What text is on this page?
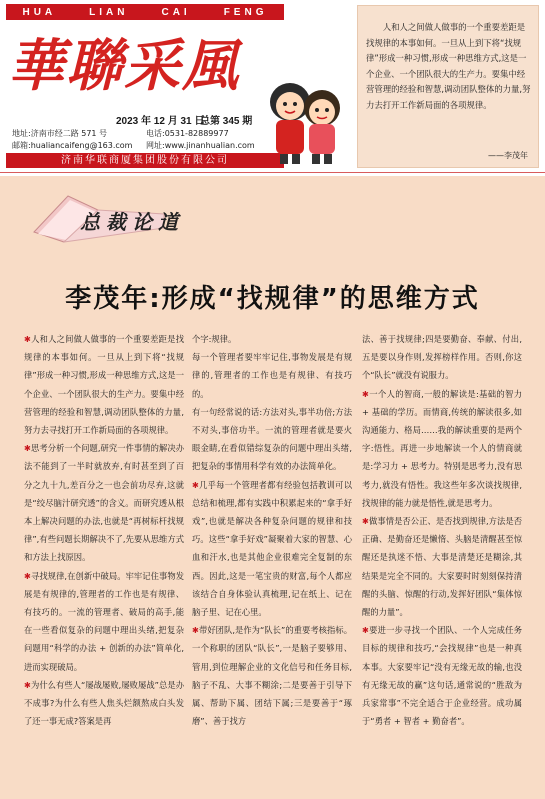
HUA	LIAN	CAI	FENG
華聯采風
2023 年 12 月 31 日
总第 345 期
地址:济南市经二路 571 号	电话:0531-82889977
邮箱:hualiancaifeng@163.com 网址:www.jinanhualian.com
济南华联商厦集团股份有限公司
人和人之间做人做事的一个重要差距是找规律的本事如何。一旦从上到下将“找规律”形成一种习惯,形成一种思维方式,这是一个企业、一个团队很大的生产力。要集中经营管理的经验和智慧,调动团队整体的力量,努力去打开工作新局面的各项规律。
——李茂年
总裁论道
李茂年:形成“找规律”的思维方式

✱人和人之间做人做事的一个重要差距是找规律的本事如何。一旦从上到下将“找规律”形成一种习惯,形成一种思维方式,这是一个企业、一个团队很大的生产力。要集中经营管理的经验和智慧,调动团队整体的力量,努力去寻找打开工作新局面的各项规律。

✱思考分析一个问题,研究一件事情的解决办法不能到了一半时就放弃,有时甚至到了百分之九十九,差百分之一也会前功尽弃,这就是“绞尽脑汁研究透”的含义。而研究透从根本上解决问题的办法,也就是“再树标杆找规律”,有些问题长期解决不了,先要从思维方式和方法上找原因。

✱寻找规律,在创新中破局。牢牢记住事物发展是有规律的,管理者的工作也是有规律、有技巧的。一流的管理者、破局的高手,能在一些看似复杂的问题中理出头绪,把复杂问题用“科学的办法 + 创新的办法”简单化,进而实现破局。

✱为什么有些人“屡战屡败,屡败屡战”总是办不成事?为什么有些人焦头烂额熬成白头发了还一事无成?答案是再

个字:规律。

每一个管理者要牢牢记住,事物发展是有规律的,管理者的工作也是有规律、有技巧的。

有一句经常说的话:方法对头,事半功倍;方法不对头,事倍功半。一流的管理者就是要火眼金睛,在看似错综复杂的问题中理出头绪,把复杂的事情用科学有效的办法简单化。

✱几乎每一个管理者都有经验包括教训可以总结和梳理,都有实践中积累起来的“拿手好戏”,也就是解决各种复杂问题的规律和技巧。这些“拿手好戏”凝聚着大家的智慧、心血和汗水,也是其他企业很难完全复制的东西。因此,这是一笔宝贵的财富,每个人都应该结合自身体验认真梳理,记在纸上、记在脑子里、记在心里。

✱带好团队,是作为“队长”的重要考核指标。一个称职的团队“队长”,一是脑子要够用、管用,到位理解企业的文化信号和任务目标,脑子不乱、大事不糊涂;二是要善于引导下属、帮助下属、团结下属;三是要善于“琢磨”、善于找方

法、善于找规律;四是要勤奋、奉献、付出,五是要以身作则,发挥榜样作用。否则,你这个“队长”就没有说服力。

✱一个人的智商,一般的解读是:基础的智力 + 基础的学历。而情商,传统的解读很多,如沟通能力、格局……我的解读重要的是两个字:悟性。再进一步地解读一个人的情商就是:学习力 + 思考力。特别是思考力,没有思考力,就没有悟性。我这些年多次谈找规律,找规律的能力就是悟性,就是思考力。

✱做事情是否公正、是否找到规律,方法是否正确、是勤奋还是懒惰、头脑是清醒甚至惊醒还是执迷不悟、大事是清楚还是糊涂,其结果是完全不同的。大家要时时刻刻保持清醒的头脑、惊醒的行动,发挥好团队“集体惊醒的力量”。

✱要进一步寻找一个团队、一个人完成任务目标的规律和技巧,“会找规律”也是一种真本事。大家要牢记“没有无缘无故的输,也没有无缘无故的赢”这句话,通常说的“胜敌为兵家常事”不完全适合于企业经营。成功属于“勇者 + 智者 + 勤奋者”。
